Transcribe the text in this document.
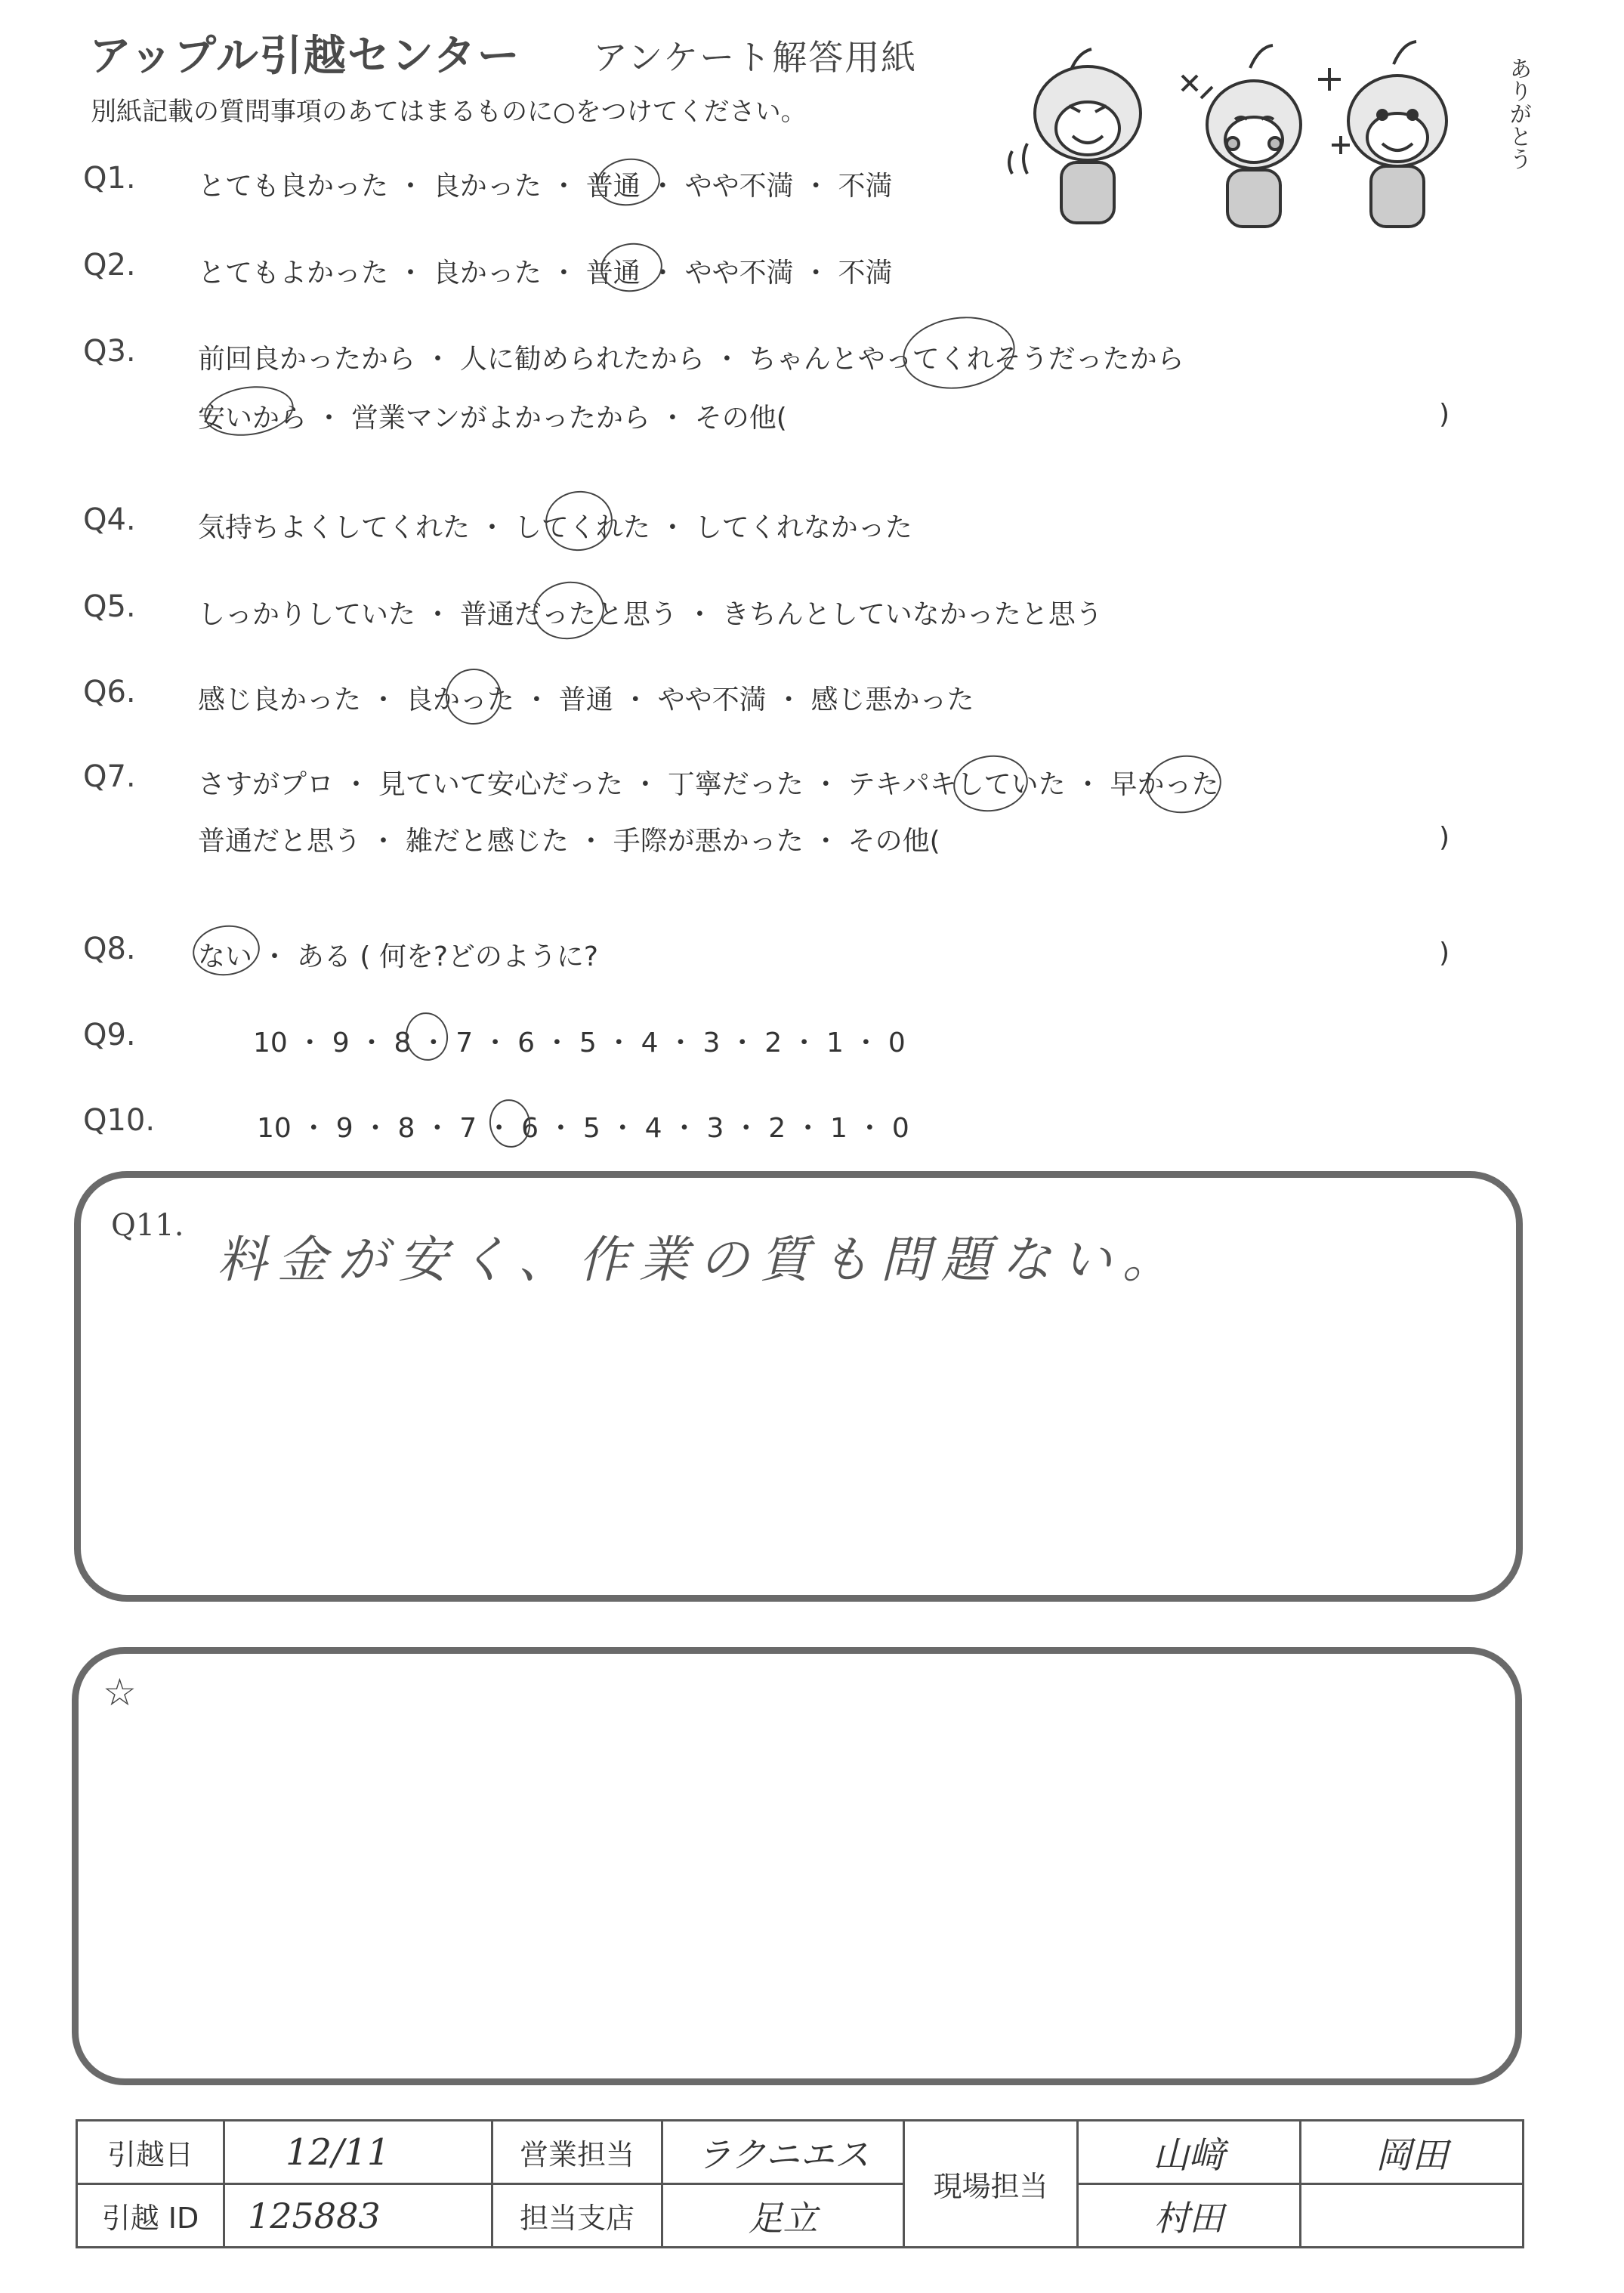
アップル引越センター アンケート解答用紙
別紙記載の質問事項のあてはまるものに○をつけてください。	ありがとう
Q1. とても良かった ・ 良かった ・ 普通 ・ やや不満 ・ 不満
Q2. とてもよかった ・ 良かった ・ 普通 ・ やや不満 ・ 不満
Q3. 前回良かったから ・ 人に勧められたから ・ ちゃんとやってくれそうだったから
安いから ・ 営業マンがよかったから ・ その他(	)
Q4. 気持ちよくしてくれた ・ してくれた ・ してくれなかった
Q5. しっかりしていた ・ 普通だったと思う ・ きちんとしていなかったと思う
Q6. 感じ良かった ・ 良かった ・ 普通 ・ やや不満 ・ 感じ悪かった
Q7. さすがプロ ・ 見ていて安心だった ・ 丁寧だった ・ テキパキしていた ・ 早かった
普通だと思う ・ 雑だと感じた ・ 手際が悪かった ・ その他(	)
Q8. ない ・ ある ( 何を?どのように?	)
Q9.	10 ・ 9 ・ 8 ・ 7 ・ 6 ・ 5 ・ 4 ・ 3 ・ 2 ・ 1 ・ 0
Q10.	10 ・ 9 ・ 8 ・ 7 ・ 6 ・ 5 ・ 4 ・ 3 ・ 2 ・ 1 ・ 0
Q11.
料金が安く、作業の質も問題ない。
☆
引越日	12/11	営業担当	ラクニエス	現場担当	山﨑	岡田
引越 ID	125883	担当支店	足立		村田	
